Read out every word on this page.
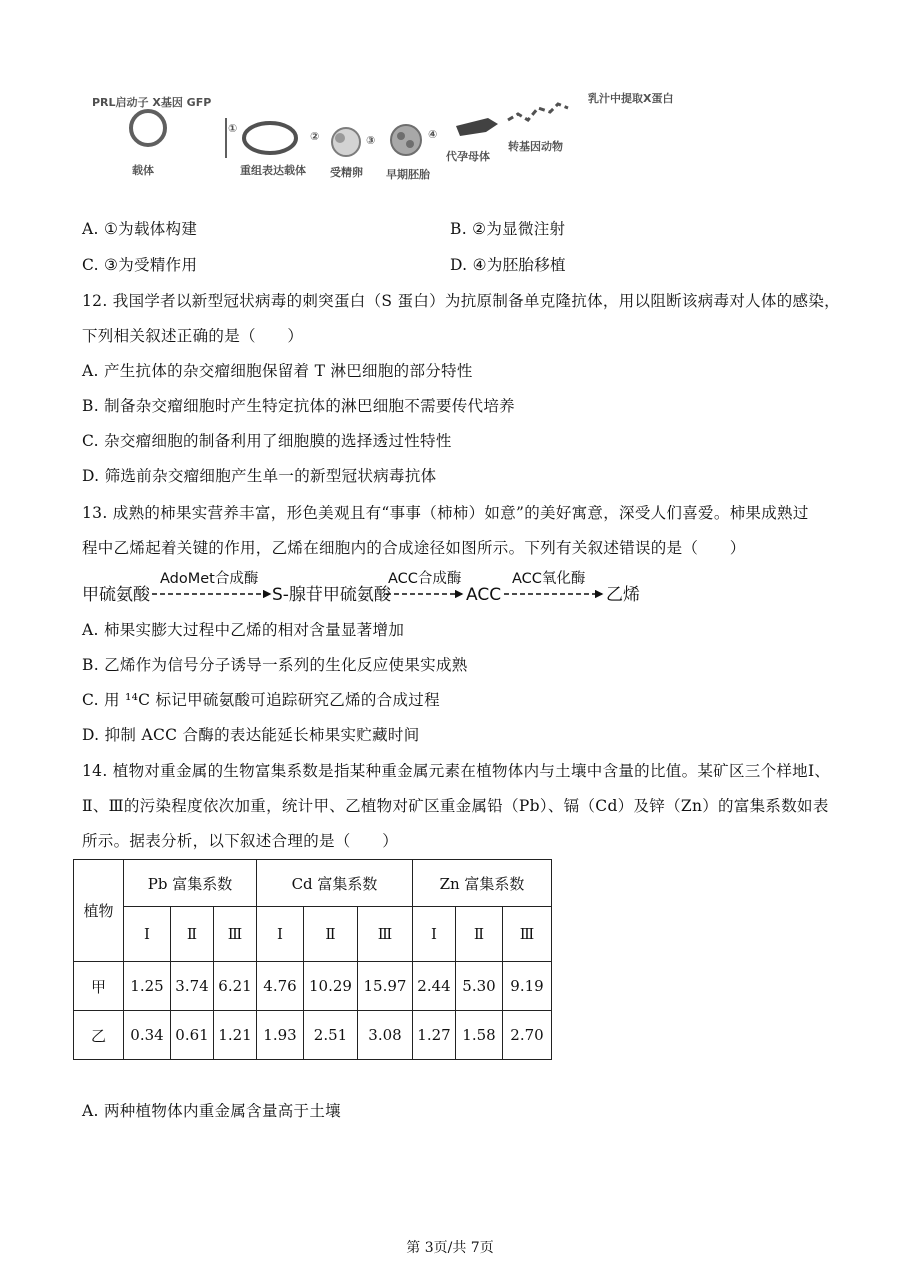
PRL启动子 X基因 GFP
载体
①
重组表达载体
②
受精卵
③
早期胚胎
④
代孕母体
转基因动物
乳汁中提取X蛋白
A. ①为载体构建	B. ②为显微注射
C. ③为受精作用	D. ④为胚胎移植
12. 我国学者以新型冠状病毒的刺突蛋白（S 蛋白）为抗原制备单克隆抗体，用以阻断该病毒对人体的感染，
下列相关叙述正确的是（　　）
A. 产生抗体的杂交瘤细胞保留着 T 淋巴细胞的部分特性
B. 制备杂交瘤细胞时产生特定抗体的淋巴细胞不需要传代培养
C. 杂交瘤细胞的制备利用了细胞膜的选择透过性特性
D. 筛选前杂交瘤细胞产生单一的新型冠状病毒抗体
13. 成熟的柿果实营养丰富，形色美观且有“事事（柿柿）如意”的美好寓意，深受人们喜爱。柿果成熟过
程中乙烯起着关键的作用，乙烯在细胞内的合成途径如图所示。下列有关叙述错误的是（　　）
甲硫氨酸
AdoMet合成酶
S-腺苷甲硫氨酸
ACC合成酶
ACC
ACC氧化酶
乙烯
A. 柿果实膨大过程中乙烯的相对含量显著增加
B. 乙烯作为信号分子诱导一系列的生化反应使果实成熟
C. 用 ¹⁴C 标记甲硫氨酸可追踪研究乙烯的合成过程
D. 抑制 ACC 合酶的表达能延长柿果实贮藏时间
14. 植物对重金属的生物富集系数是指某种重金属元素在植物体内与土壤中含量的比值。某矿区三个样地Ⅰ、
Ⅱ、Ⅲ的污染程度依次加重，统计甲、乙植物对矿区重金属铅（Pb）、镉（Cd）及锌（Zn）的富集系数如表
所示。据表分析，以下叙述合理的是（　　）
植物	Pb 富集系数			Cd 富集系数			Zn 富集系数		
	Ⅰ	Ⅱ	Ⅲ	Ⅰ	Ⅱ	Ⅲ	Ⅰ	Ⅱ	Ⅲ
甲	1.25	3.74	6.21	4.76	10.29	15.97	2.44	5.30	9.19
乙	0.34	0.61	1.21	1.93	2.51	3.08	1.27	1.58	2.70
A. 两种植物体内重金属含量高于土壤
第 3页/共 7页
